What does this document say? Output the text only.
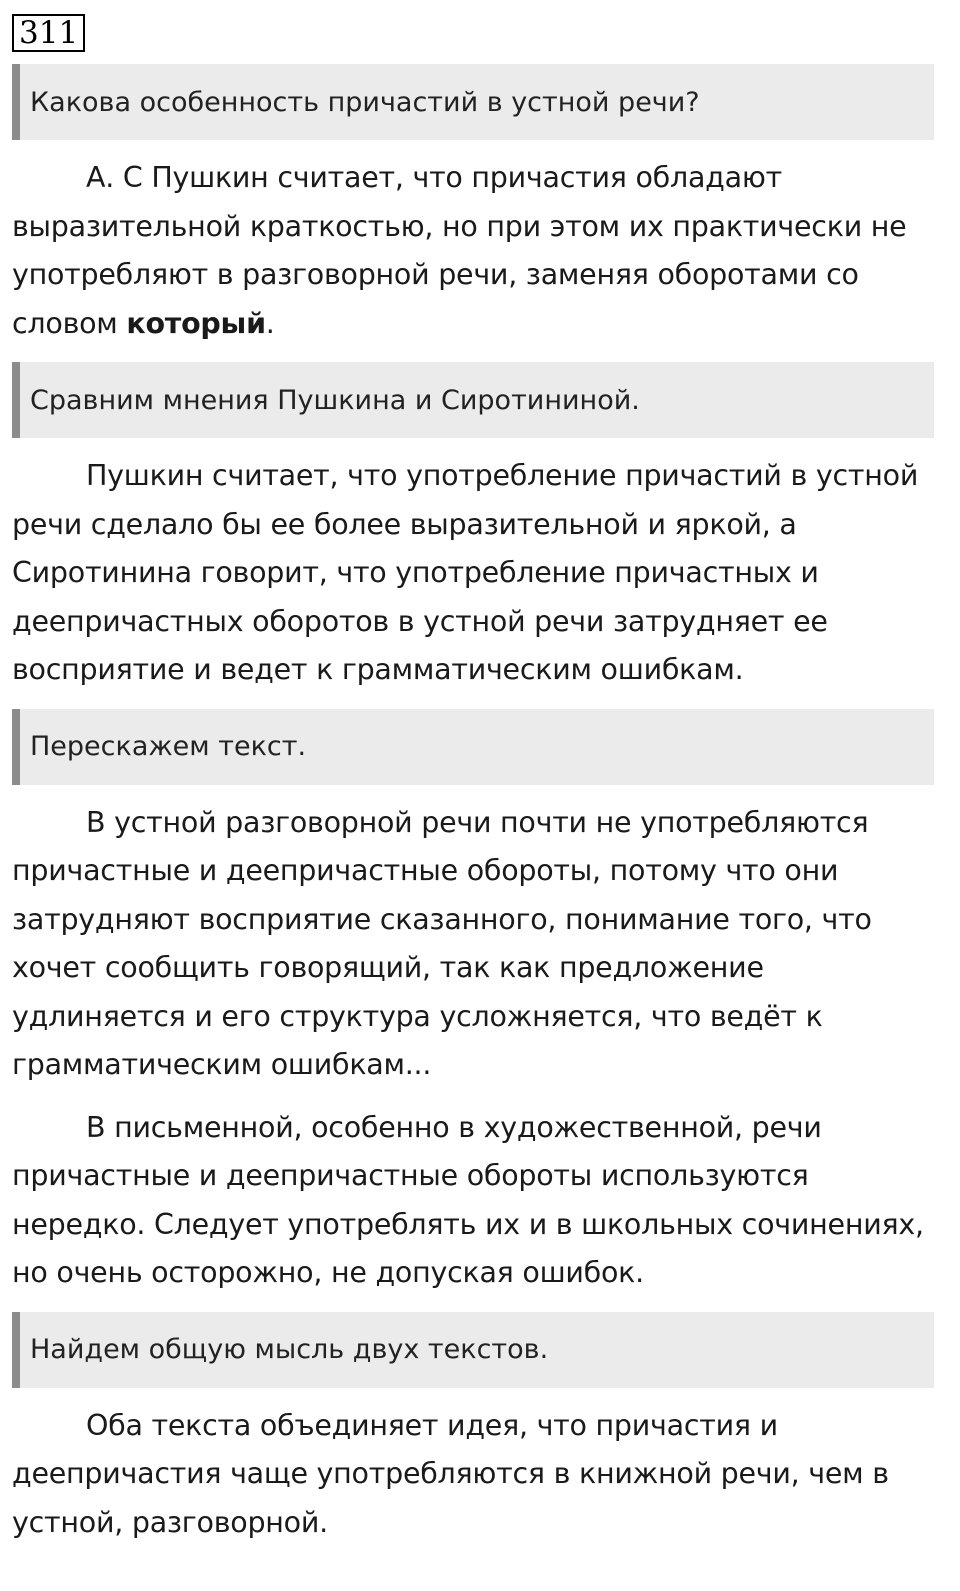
311
Какова особенность причастий в устной речи?

А. С Пушкин считает, что причастия обладают выразительной краткостью, но при этом их практически не употребляют в разговорной речи, заменяя оборотами со словом который.

Сравним мнения Пушкина и Сиротининой.

Пушкин считает, что употребление причастий в устной речи сделало бы ее более выразительной и яркой, а Сиротинина говорит, что употребление причастных и деепричастных оборотов в устной речи затрудняет ее восприятие и ведет к грамматическим ошибкам.

Перескажем текст.

В устной разговорной речи почти не употребляются причастные и деепричастные обороты, потому что они затрудняют восприятие сказанного, понимание того, что хочет сообщить говорящий, так как предложение удлиняется и его структура усложняется, что ведёт к грамматическим ошибкам...

В письменной, особенно в художественной, речи причастные и деепричастные обороты используются нередко. Следует употреблять их и в школьных сочинениях, но очень осторожно, не допуская ошибок.

Найдем общую мысль двух текстов.

Оба текста объединяет идея, что причастия и деепричастия чаще употребляются в книжной речи, чем в устной, разговорной.
